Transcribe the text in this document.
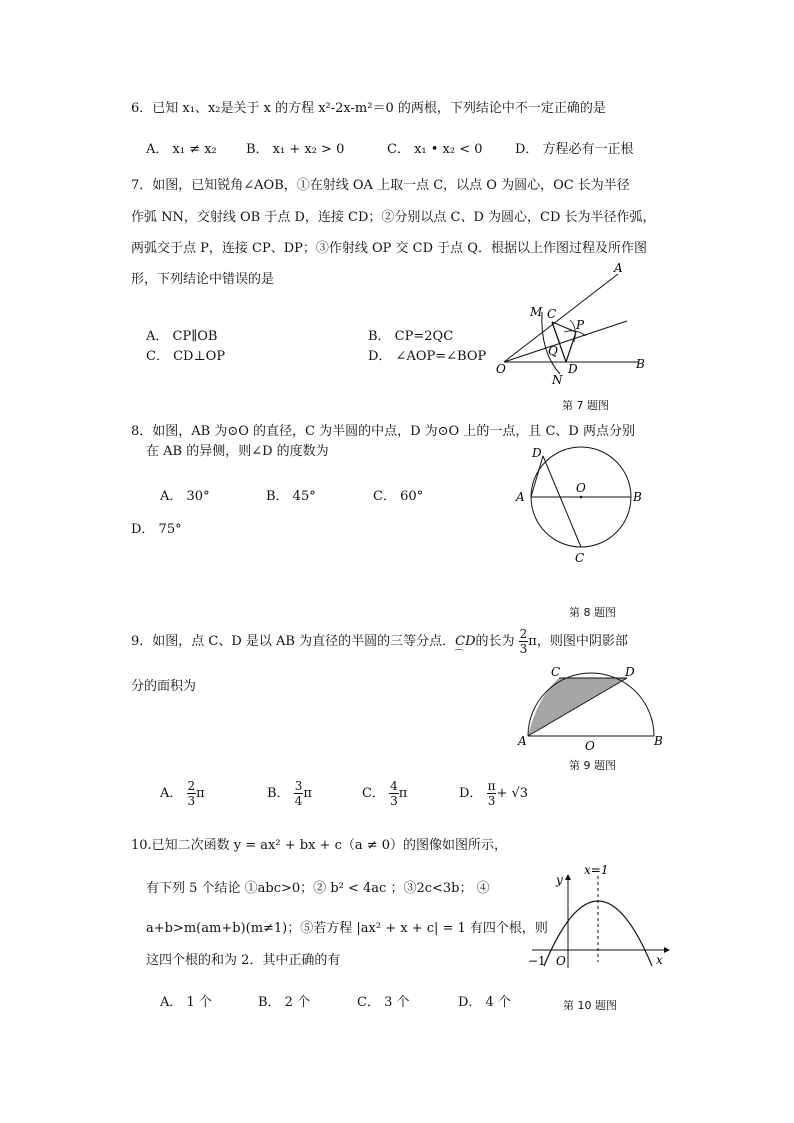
6．已知 x₁、x₂是关于 x 的方程 x²-2x-m²＝0 的两根，下列结论中不一定正确的是
A． x₁ ≠ x₂ B． x₁ + x₂ > 0	C． x₁ • x₂ < 0 D． 方程必有一正根
7．如图，已知锐角∠AOB，①在射线 OA 上取一点 C，以点 O 为圆心，OC 长为半径
作弧 NN，交射线 OB 于点 D，连接 CD；②分别以点 C、D 为圆心，CD 长为半径作弧，
两弧交于点 P，连接 CP、DP；③作射线 OP 交 CD 于点 Q．根据以上作图过程及所作图
形，下列结论中错误的是
A． CP∥OB	B． CP=2QC
C． CD⊥OP	D． ∠AOP=∠BOP
A
M C
P
Q
D	B
O
N
第 7 题图
8．如图，AB 为⊙O 的直径，C 为半圆的中点，D 为⊙O 上的一点，且 C、D 两点分别
在 AB 的异侧，则∠D 的度数为
A． 30°	B． 45°	C． 60°
D． 75°
D
A
O
B
C
第 8 题图
9．如图，点 C、D 是以 AB 为直径的半圆的三等分点．
⌒
CD的长为 $\frac{2}{3}$ π，则图中阴影部
分的面积为
C	D
A	O	B
第 9 题图
A． $\frac{2}{3}$ π	B． $\frac{3}{4}$ π	C． $\frac{4}{3}$ π	D． $\frac{\pi}{3} + √3$
10.已知二次函数 y = ax² + bx + c（a ≠ 0）的图像如图所示，
有下列 5 个结论 ①abc>0；② b² < 4ac ；③2c<3b； ④
a+b>m(am+b)(m≠1)；⑤若方程 |ax² + x + c| = 1 有四个根，则
这四个根的和为 2．其中正确的有
A． 1 个	B． 2 个	C． 3 个	D． 4 个
x=1
y
−1 O	x
第 10 题图
